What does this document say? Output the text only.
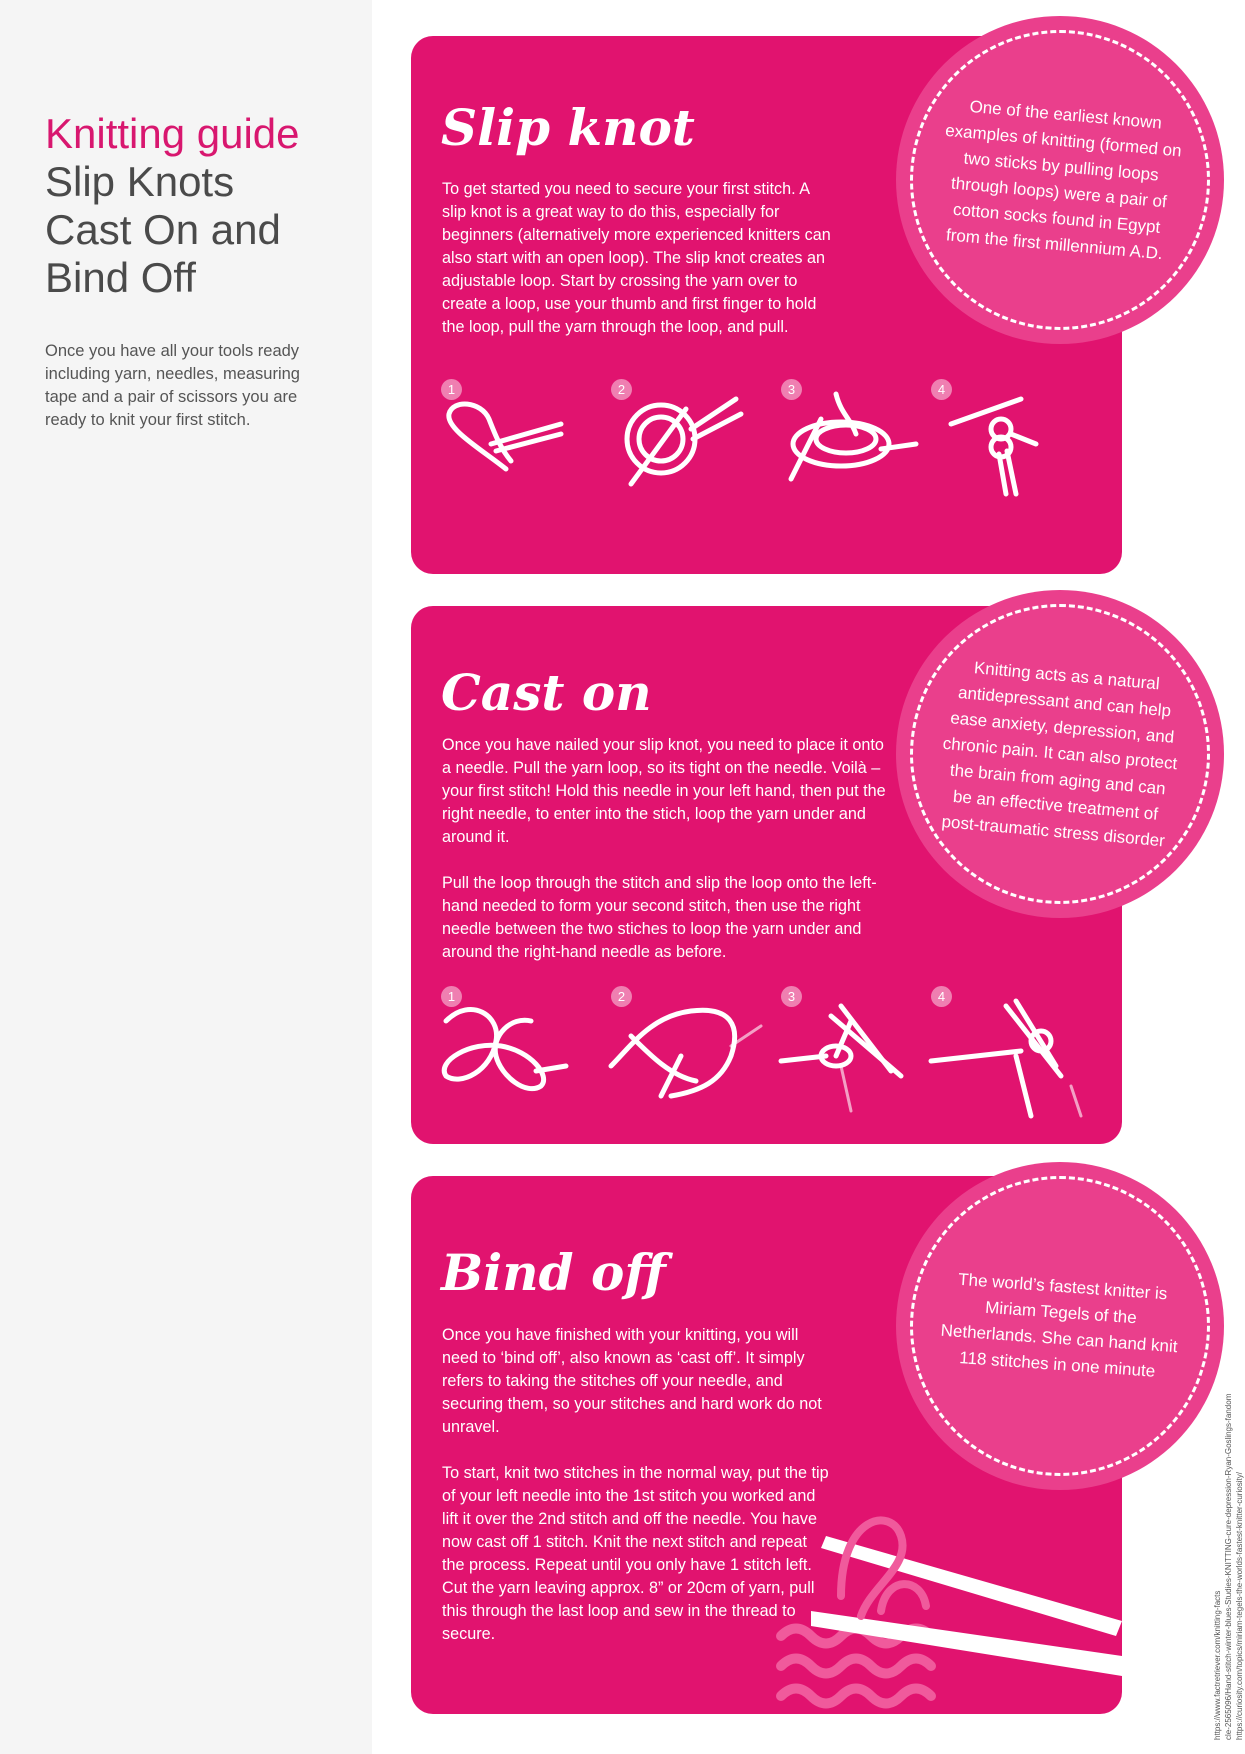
Knitting guide
Slip Knots
Cast On and
Bind Off

Once you have all your tools ready including yarn, needles, measuring tape and a pair of scissors you are ready to knit your first stitch.

Slip knot

To get started you need to secure your first stitch. A slip knot is a great way to do this, especially for beginners (alternatively more experienced knitters can also start with an open loop). The slip knot creates an adjustable loop. Start by crossing the yarn over to create a loop, use your thumb and first finger to hold the loop, pull the yarn through the loop, and pull.

1	2	3	4
One of the earliest known examples of knitting (formed on two sticks by pulling loops through loops) were a pair of cotton socks found in Egypt from the first millennium A.D.
Cast on

Once you have nailed your slip knot, you need to place it onto a needle. Pull the yarn loop, so its tight on the needle. Voilà – your first stitch! Hold this needle in your left hand, then put the right needle, to enter into the stich, loop the yarn under and around it.

Pull the loop through the stitch and slip the loop onto the left-hand needed to form your second stitch, then use the right needle between the two stiches to loop the yarn under and around the right-hand needle as before.

1	2	3	4
Knitting acts as a natural antidepressant and can help ease anxiety, depression, and chronic pain. It can also protect the brain from aging and can be an effective treatment of post-traumatic stress disorder
Bind off

Once you have finished with your knitting, you will need to ‘bind off’, also known as ‘cast off’. It simply refers to taking the stitches off your needle, and securing them, so your stitches and hard work do not unravel.

To start, knit two stitches in the normal way, put the tip of your left needle into the 1st stitch you worked and lift it over the 2nd stitch and off the needle. You have now cast off 1 stitch. Knit the next stitch and repeat the process. Repeat until you only have 1 stitch left. Cut the yarn leaving approx. 8” or 20cm of yarn, pull this through the last loop and sew in the thread to secure.

The world’s fastest knitter is Miriam Tegels of the Netherlands. She can hand knit 118 stitches in one minute
https://www.factretriever.com/knitting-facts cle-2565096/Hand-stitch-winter-blues-Studies-KNITTING-cure-depression-Ryan-Goslings-fandom https://curiosity.com/topics/miriam-tegels-the-worlds-fastest-knitter-curiosity/
